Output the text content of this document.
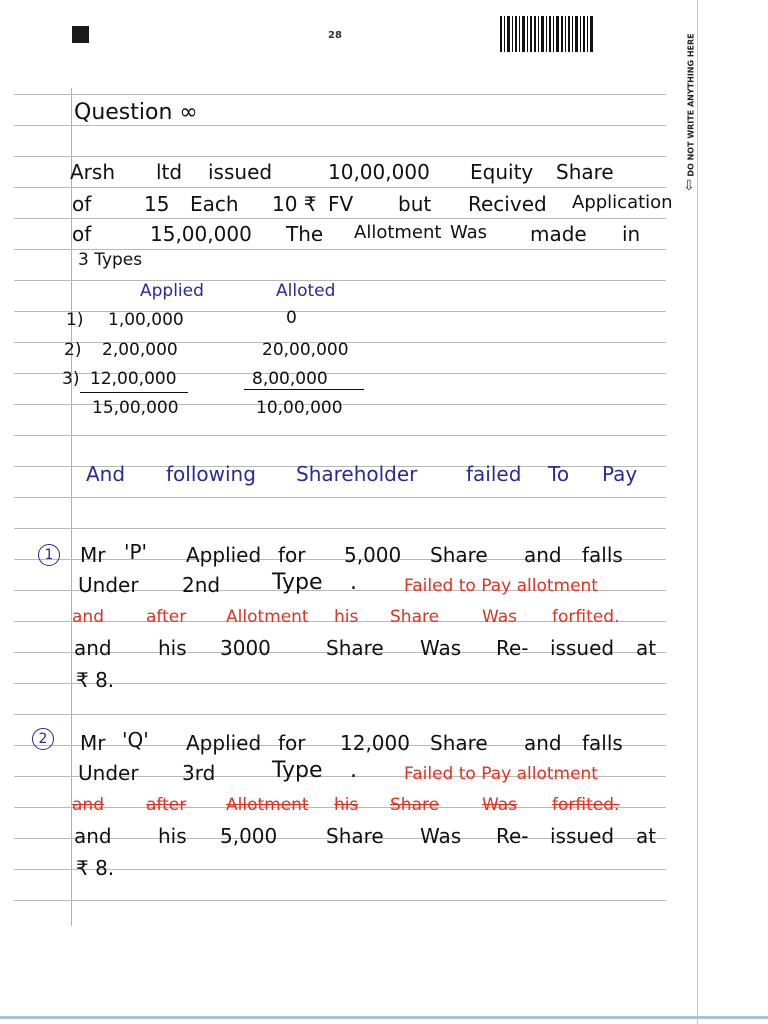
28	DO NOT WRITE ANYTHING HERE
⇩
Question ∞
Arsh ltd issued	10,00,000 Equity Share
of	15 Each 10 ₹ FV but Recived Application
of	15,00,000 The Allotment Was made in
3 Types
Applied	Alloted
1) 1,00,000	0
2) 2,00,000	20,00,000
3) 12,00,000	8,00,000
15,00,000	10,00,000
And following Shareholder failed To Pay
1	Mr 'P' Applied for 5,000 Share and falls
Under 2nd Type .	Failed to Pay allotment
and after Allotment his Share	Was forfited.
and his 3000	Share Was Re- issued at
₹ 8.
2	Mr 'Q' Applied for 12,000 Share and falls
Under 3rd	Type .	Failed to Pay allotment
and after Allotment his Share	Was forfited.
and his 5,000 Share Was Re- issued at
₹ 8.
